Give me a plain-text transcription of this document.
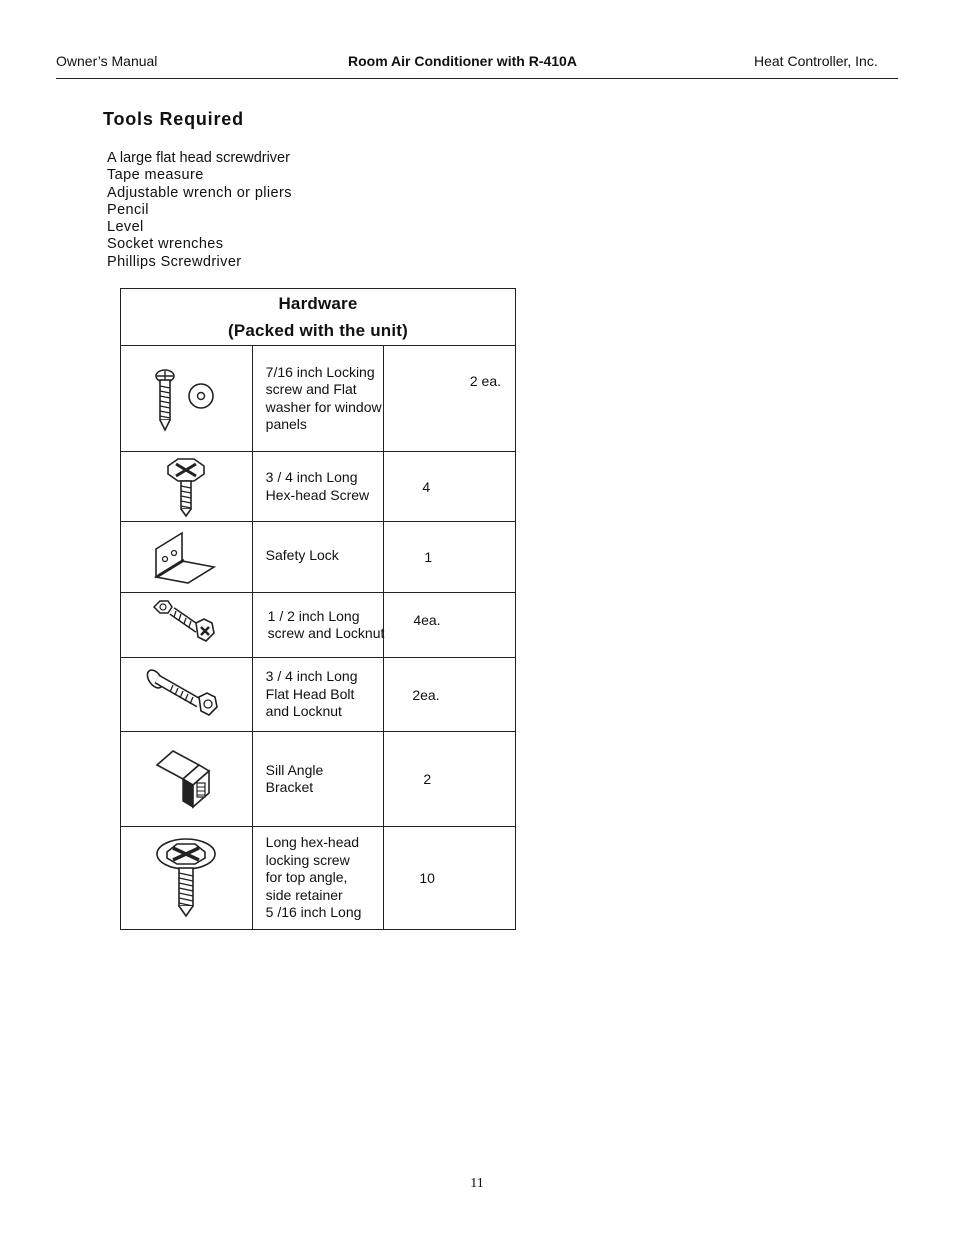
Owner’s Manual	Room Air Conditioner with R-410A	Heat Controller, Inc.
Tools Required
A large flat head screwdriver
Tape measure
Adjustable wrench or pliers
Pencil
Level
Socket wrenches
Phillips Screwdriver
Hardware
(Packed with the unit)		

7/16 inch Locking
screw and Flat
washer for window
panels	2 ea.

3 / 4 inch Long
Hex-head Screw	4

Safety Lock	1

1 / 2 inch Long
screw and Locknut	4ea.

3 / 4 inch Long
Flat Head Bolt
and Locknut	2ea.

Sill Angle
Bracket	2

Long hex-head
locking screw
for top angle,
side retainer
5 /16 inch Long	10
11
